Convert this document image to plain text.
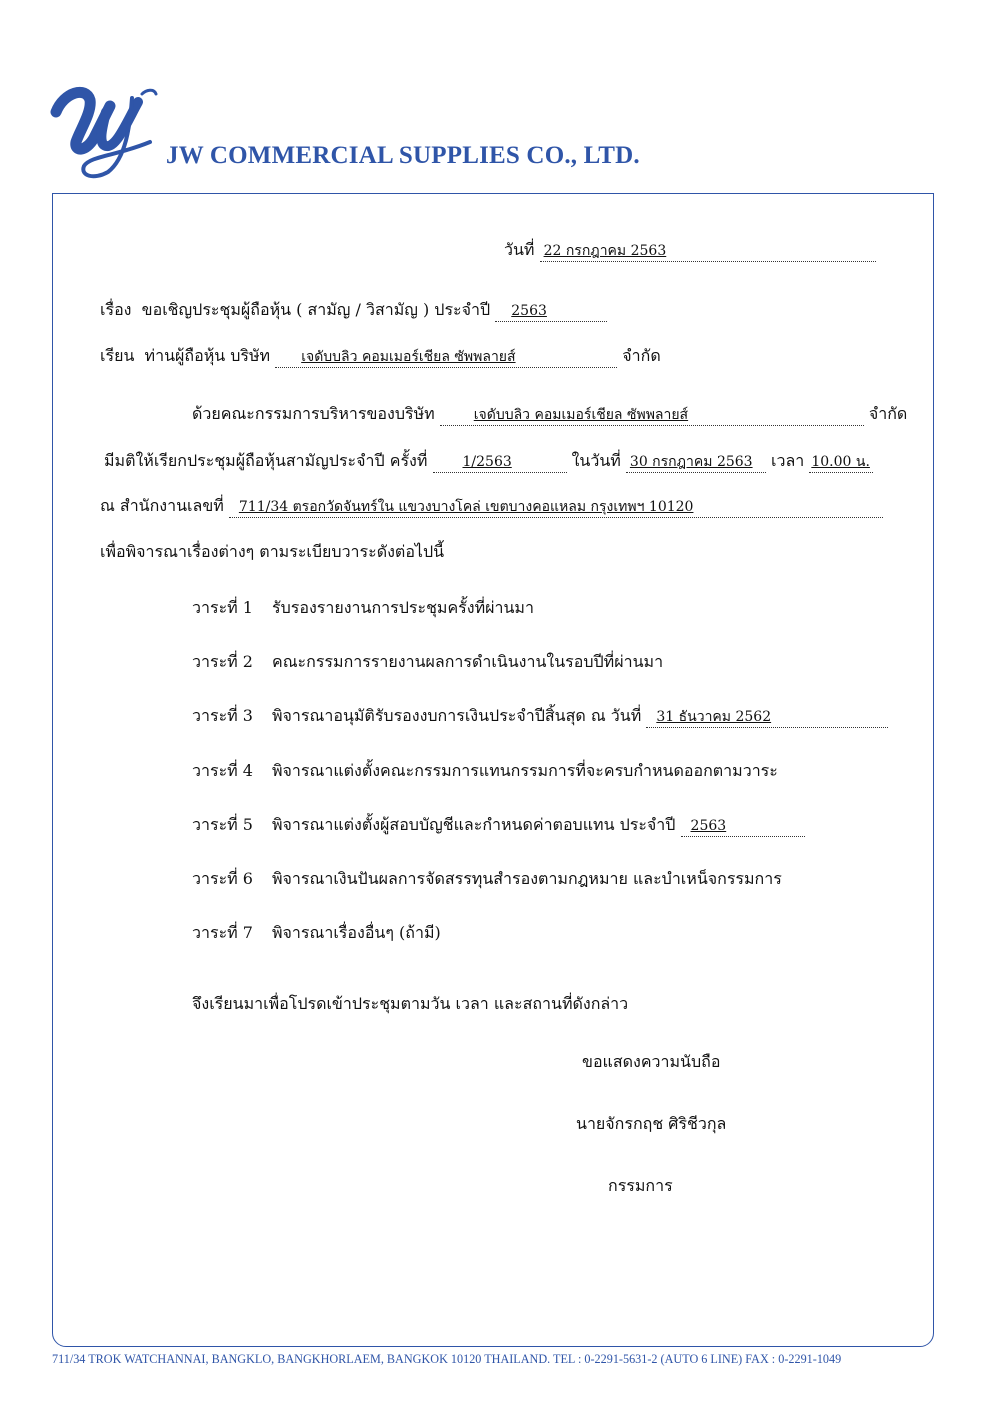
JW COMMERCIAL SUPPLIES CO., LTD.
วันที่ 22 กรกฎาคม 2563
เรื่อง ขอเชิญประชุมผู้ถือหุ้น ( สามัญ / วิสามัญ ) ประจำปี 2563
เรียน ท่านผู้ถือหุ้น บริษัท เจดับบลิว คอมเมอร์เชียล ซัพพลายส์	จำกัด
ด้วยคณะกรรมการบริหารของบริษัท	เจดับบลิว คอมเมอร์เชียล ซัพพลายส์	จำกัด
มีมติให้เรียกประชุมผู้ถือหุ้นสามัญประจำปี ครั้งที่	1/2563	ในวันที่ 30 กรกฎาคม 2563 เวลา 10.00 น.
ณ สำนักงานเลขที่ 711/34 ตรอกวัดจันทร์ใน แขวงบางโคล่ เขตบางคอแหลม กรุงเทพฯ 10120
เพื่อพิจารณาเรื่องต่างๆ ตามระเบียบวาระดังต่อไปนี้
วาระที่ 1 รับรองรายงานการประชุมครั้งที่ผ่านมา
วาระที่ 2 คณะกรรมการรายงานผลการดำเนินงานในรอบปีที่ผ่านมา
วาระที่ 3 พิจารณาอนุมัติรับรองงบการเงินประจำปีสิ้นสุด ณ วันที่ 31 ธันวาคม 2562
วาระที่ 4 พิจารณาแต่งตั้งคณะกรรมการแทนกรรมการที่จะครบกำหนดออกตามวาระ
วาระที่ 5 พิจารณาแต่งตั้งผู้สอบบัญชีและกำหนดค่าตอบแทน ประจำปี 2563
วาระที่ 6 พิจารณาเงินปันผลการจัดสรรทุนสำรองตามกฎหมาย และบำเหน็จกรรมการ
วาระที่ 7 พิจารณาเรื่องอื่นๆ (ถ้ามี)
จึงเรียนมาเพื่อโปรดเข้าประชุมตามวัน เวลา และสถานที่ดังกล่าว
ขอแสดงความนับถือ
นายจักรกฤช ศิริชีวกุล
กรรมการ
711/34 TROK WATCHANNAI, BANGKLO, BANGKHORLAEM, BANGKOK 10120 THAILAND. TEL : 0-2291-5631-2 (AUTO 6 LINE) FAX : 0-2291-1049
